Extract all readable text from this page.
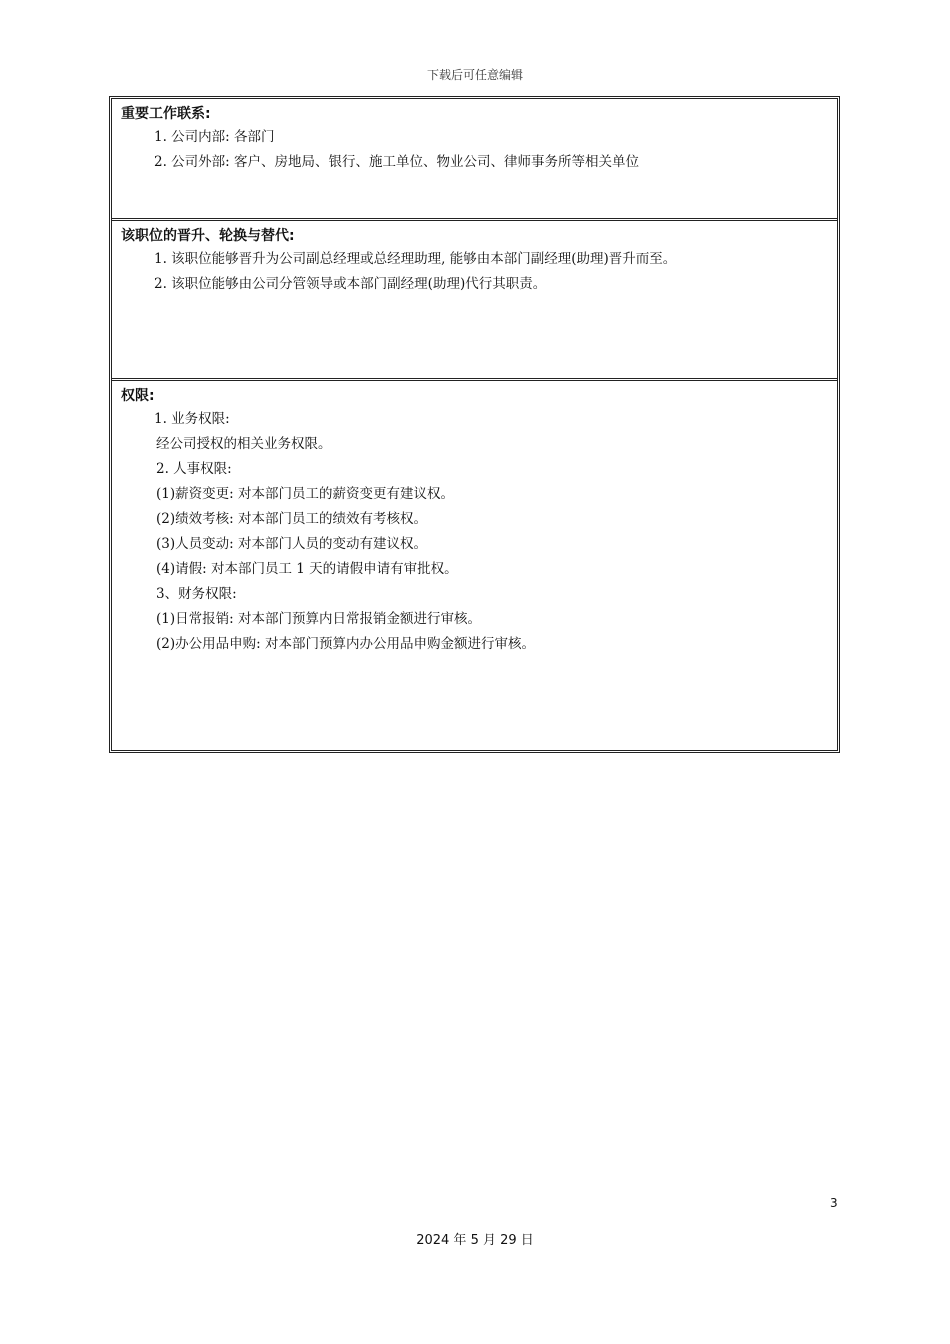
下载后可任意编辑

重要工作联系:

1. 公司内部: 各部门

2. 公司外部: 客户、房地局、银行、施工单位、物业公司、律师事务所等相关单位

该职位的晋升、轮换与替代:

1. 该职位能够晋升为公司副总经理或总经理助理, 能够由本部门副经理(助理)晋升而至。

2. 该职位能够由公司分管领导或本部门副经理(助理)代行其职责。

权限:

1. 业务权限:

经公司授权的相关业务权限。

2. 人事权限:

(1)薪资变更: 对本部门员工的薪资变更有建议权。

(2)绩效考核: 对本部门员工的绩效有考核权。

(3)人员变动: 对本部门人员的变动有建议权。

(4)请假: 对本部门员工 1 天的请假申请有审批权。

3、财务权限:

(1)日常报销: 对本部门预算内日常报销金额进行审核。

(2)办公用品申购: 对本部门预算内办公用品申购金额进行审核。

3
2024 年 5 月 29 日
